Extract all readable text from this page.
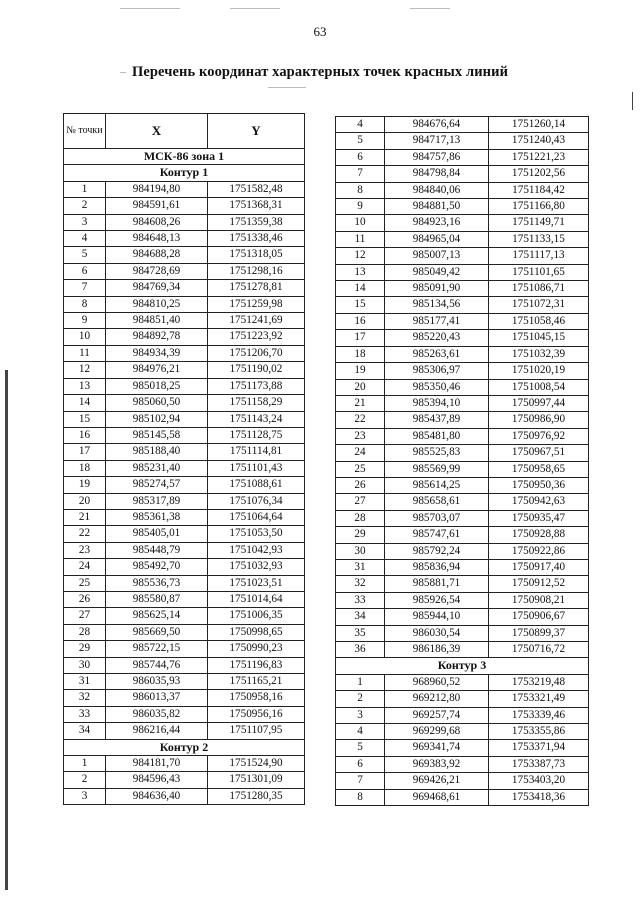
63
Перечень координат характерных точек красных линий
№ точки	X	Y
МСК-86 зона 1		
Контур 1		
1	984194,80	1751582,48
2	984591,61	1751368,31
3	984608,26	1751359,38
4	984648,13	1751338,46
5	984688,28	1751318,05
6	984728,69	1751298,16
7	984769,34	1751278,81
8	984810,25	1751259,98
9	984851,40	1751241,69
10	984892,78	1751223,92
11	984934,39	1751206,70
12	984976,21	1751190,02
13	985018,25	1751173,88
14	985060,50	1751158,29
15	985102,94	1751143,24
16	985145,58	1751128,75
17	985188,40	1751114,81
18	985231,40	1751101,43
19	985274,57	1751088,61
20	985317,89	1751076,34
21	985361,38	1751064,64
22	985405,01	1751053,50
23	985448,79	1751042,93
24	985492,70	1751032,93
25	985536,73	1751023,51
26	985580,87	1751014,64
27	985625,14	1751006,35
28	985669,50	1750998,65
29	985722,15	1750990,23
30	985744,76	1751196,83
31	986035,93	1751165,21
32	986013,37	1750958,16
33	986035,82	1750956,16
34	986216,44	1751107,95
Контур 2		
1	984181,70	1751524,90
2	984596,43	1751301,09
3	984636,40	1751280,35
4	984676,64	1751260,14
5	984717,13	1751240,43
6	984757,86	1751221,23
7	984798,84	1751202,56
8	984840,06	1751184,42
9	984881,50	1751166,80
10	984923,16	1751149,71
11	984965,04	1751133,15
12	985007,13	1751117,13
13	985049,42	1751101,65
14	985091,90	1751086,71
15	985134,56	1751072,31
16	985177,41	1751058,46
17	985220,43	1751045,15
18	985263,61	1751032,39
19	985306,97	1751020,19
20	985350,46	1751008,54
21	985394,10	1750997,44
22	985437,89	1750986,90
23	985481,80	1750976,92
24	985525,83	1750967,51
25	985569,99	1750958,65
26	985614,25	1750950,36
27	985658,61	1750942,63
28	985703,07	1750935,47
29	985747,61	1750928,88
30	985792,24	1750922,86
31	985836,94	1750917,40
32	985881,71	1750912,52
33	985926,54	1750908,21
34	985944,10	1750906,67
35	986030,54	1750899,37
36	986186,39	1750716,72
Контур 3		
1	968960,52	1753219,48
2	969212,80	1753321,49
3	969257,74	1753339,46
4	969299,68	1753355,86
5	969341,74	1753371,94
6	969383,92	1753387,73
7	969426,21	1753403,20
8	969468,61	1753418,36
